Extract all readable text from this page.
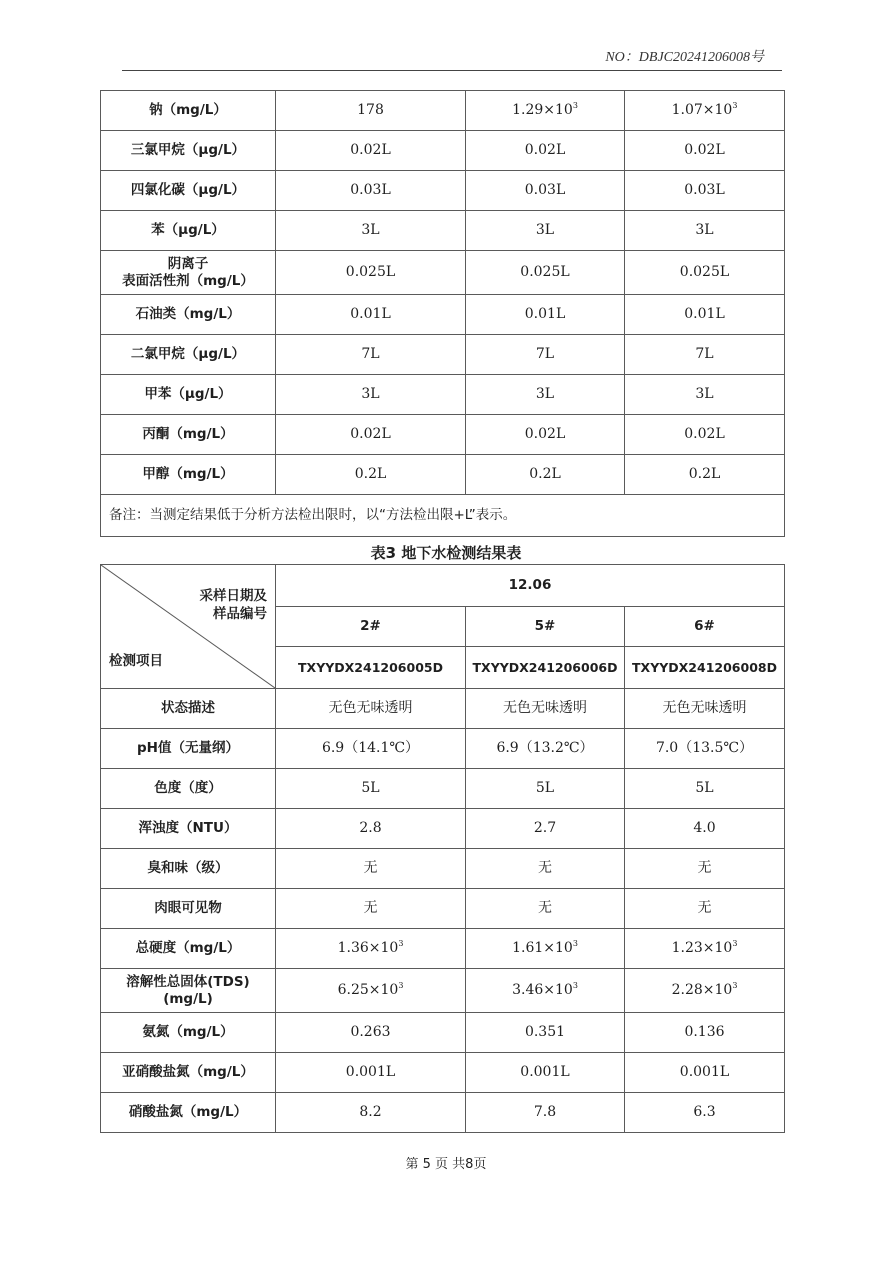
NO：DBJC20241206008号
钠（mg/L）	178	$1.29\times 10^3$	$1.07\times 10^3$
三氯甲烷（μg/L）	0.02L	0.02L	0.02L
四氯化碳（μg/L）	0.03L	0.03L	0.03L
苯（μg/L）	3L	3L	3L

阴离子
表面活性剂（mg/L）	0.025L	0.025L	0.025L
石油类（mg/L）	0.01L	0.01L	0.01L
二氯甲烷（μg/L）	7L	7L	7L
甲苯（μg/L）	3L	3L	3L
丙酮（mg/L）	0.02L	0.02L	0.02L
甲醇（mg/L）	0.2L	0.2L	0.2L
备注：当测定结果低于分析方法检出限时，以“方法检出限+L”表示。			
表3 地下水检测结果表
采样日期及
样品编号
检测项目	12.06		
	2#	5#	6#
	TXYYDX241206005D	TXYYDX241206006D	TXYYDX241206008D
状态描述	无色无味透明	无色无味透明	无色无味透明
pH值（无量纲）	6.9（14.1℃）	6.9（13.2℃）	7.0（13.5℃）
色度（度）	5L	5L	5L
浑浊度（NTU）	2.8	2.7	4.0
臭和味（级）	无	无	无
肉眼可见物	无	无	无
总硬度（mg/L）	$1.36\times 10^3$	$1.61\times 10^3$	$1.23\times 10^3$

溶解性总固体(TDS)
(mg/L)	$6.25\times 10^3$	$3.46\times 10^3$	$2.28\times 10^3$
氨氮（mg/L）	0.263	0.351	0.136
亚硝酸盐氮（mg/L）	0.001L	0.001L	0.001L
硝酸盐氮（mg/L）	8.2	7.8	6.3
第 5 页 共8页
